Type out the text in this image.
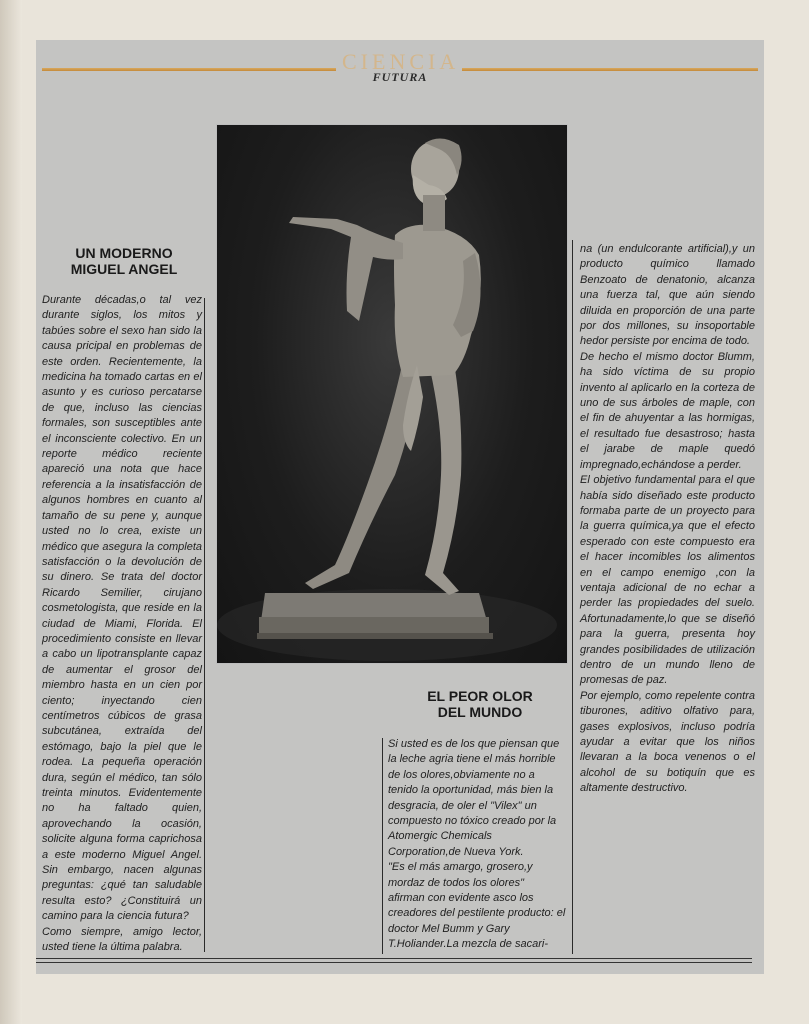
CIENCIA
FUTURA
UN MODERNO
MIGUEL ANGEL

Durante décadas,o tal vez durante siglos, los mitos y tabúes sobre el sexo han sido la causa pricipal en problemas de este orden. Recientemente, la medicina ha tomado cartas en el asunto y es curioso percatarse de que, incluso las ciencias formales, son susceptibles ante el inconsciente colectivo. En un reporte médico reciente apareció una nota que hace referencia a la insatisfacción de algunos hombres en cuanto al tamaño de su pene y, aunque usted no lo crea, existe un médico que asegura la completa satisfacción o la devolución de su dinero. Se trata del doctor Ricardo Semilier, cirujano cosmetologista, que reside en la ciudad de Miami, Florida. El procedimiento consiste en llevar a cabo un lipotransplante capaz de aumentar el grosor del miembro hasta en un cien por ciento; inyectando cien centímetros cúbicos de grasa subcutánea, extraída del estómago, bajo la piel que le rodea. La pequeña operación dura, según el médico, tan sólo treinta minutos. Evidentemente no ha faltado quien, aprovechando la ocasión, solicite alguna forma caprichosa a este moderno Miguel Angel. Sin embargo, nacen algunas preguntas: ¿qué tan saludable resulta esto? ¿Constituirá un camino para la ciencia futura?

Como siempre, amigo lector, usted tiene la última palabra.

EL PEOR OLOR
DEL MUNDO

Si usted es de los que piensan que la leche agria tiene el más horrible de los olores,obviamente no a tenido la oportunidad, más bien la desgracia, de oler el "Vilex" un compuesto no tóxico creado por la Atomergic Chemicals Corporation,de Nueva York.

"Es el más amargo, grosero,y mordaz de todos los olores"

afirman con evidente asco los creadores del pestilente producto: el doctor Mel Bumm y Gary T.Holiander.La mezcla de sacari-

na (un endulcorante artificial),y un producto químico llamado Benzoato de denatonio, alcanza una fuerza tal, que aún siendo diluida en proporción de una parte por dos millones, su insoportable hedor persiste por encima de todo.

De hecho el mismo doctor Blumm, ha sido víctima de su propio invento al aplicarlo en la corteza de uno de sus árboles de maple, con el fin de ahuyentar a las hormigas, el resultado fue desastroso; hasta el jarabe de maple quedó impregnado,echándose a perder.

El objetivo fundamental para el que había sido diseñado este producto formaba parte de un proyecto para la guerra química,ya que el efecto esperado con este compuesto era el hacer incomibles los alimentos en el campo enemigo ,con la ventaja adicional de no echar a perder las propiedades del suelo. Afortunadamente,lo que se diseñó para la guerra, presenta hoy grandes posibilidades de utilización dentro de un mundo lleno de promesas de paz.

Por ejemplo, como repelente contra tiburones, aditivo olfativo para, gases explosivos, incluso podría ayudar a evitar que los niños llevaran a la boca venenos o el alcohol de su botiquín que es altamente destructivo.
